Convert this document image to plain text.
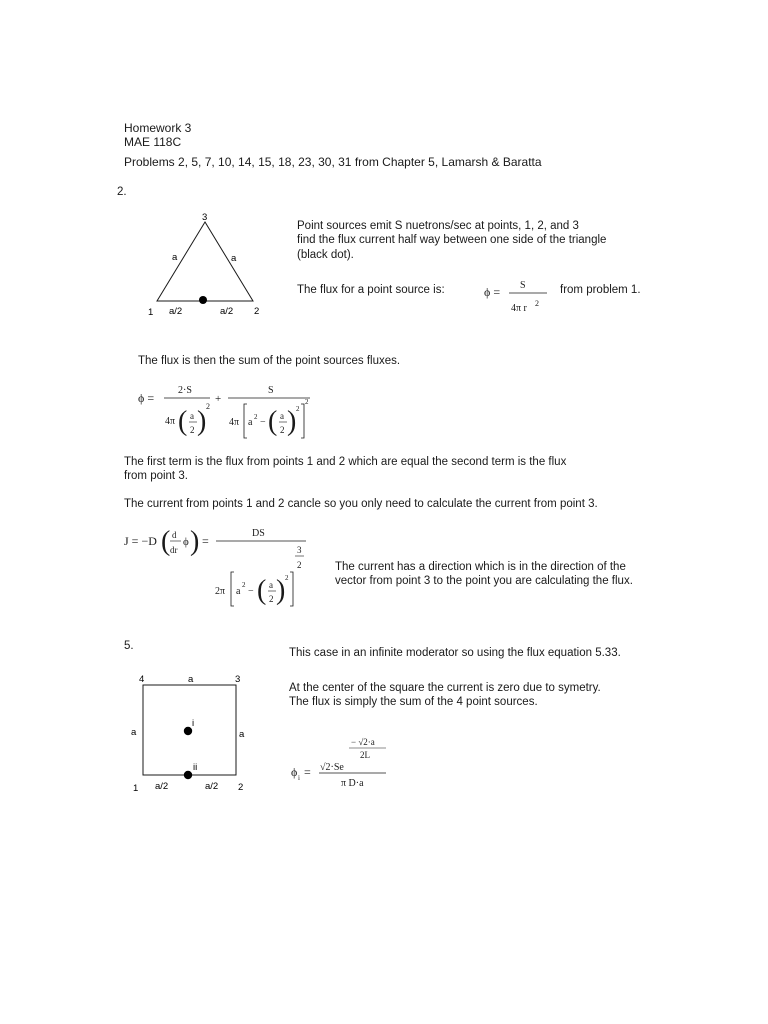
Homework 3
MAE 118C
Problems 2, 5, 7, 10, 14, 15, 18, 23, 30, 31 from Chapter 5, Lamarsh & Baratta
2.
3
1	2
a	a
a/2	a/2
Point sources emit S nuetrons/sec at points, 1, 2, and 3
find the flux current half way between one side of the triangle
(black dot).
The flux for a point source is:	ϕ = S
4π r 2
from problem 1.
The flux is then the sum of the point sources fluxes.
ϕ =
2·S
4π ( a
2 ) 2
+
S
4π a 2 − ( a
2 ) 2
2
The first term is the flux from points 1 and 2 which are equal the second term is the flux
from point 3.
The current from points 1 and 2 cancle so you only need to calculate the current from point 3.
J = −D ( d
dr
ϕ ) =
DS
3
2
2π a
2
− ( a
2 ) 2
The current has a direction which is in the direction of the
vector from point 3 to the point you are calculating the flux.
5.
This case in an infinite moderator so using the flux equation 5.33.
4	3
1	2
a
a	a
a/2	a/2
i
ii
At the center of the square the current is zero due to symetry.
The flux is simply the sum of the 4 point sources.
ϕ i =
− √2·a
2L
√2·Se
π D·a
